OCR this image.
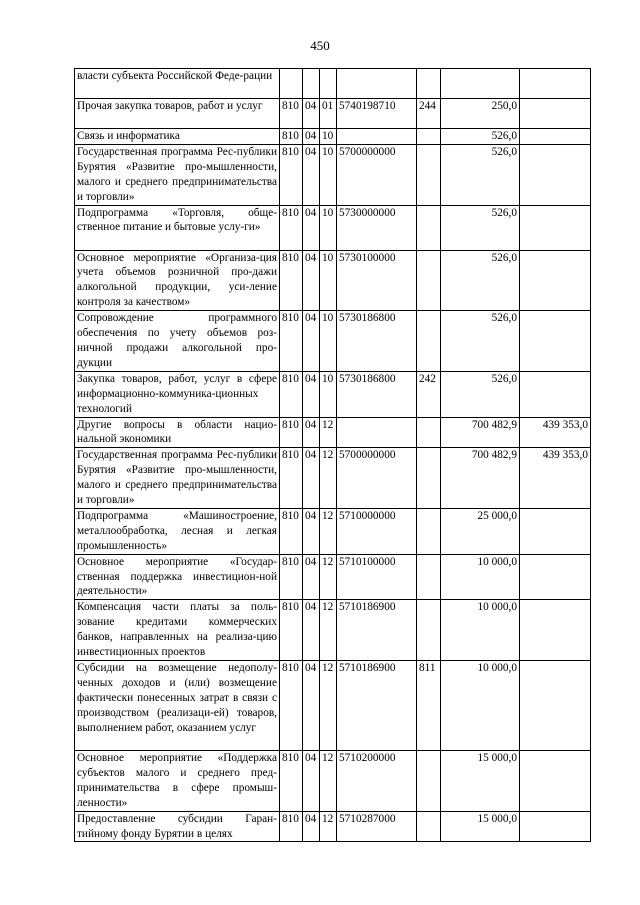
450
власти субъекта Российской Феде-рации							
Прочая закупка товаров, работ и услуг	810	04	01	5740198710	244	250,0	
Связь и информатика	810	04	10			526,0	
Государственная программа Рес-публики Бурятия «Развитие про-мышленности, малого и среднего предпринимательства и торговли»	810	04	10	5700000000		526,0	
Подпрограмма «Торговля, обще-ственное питание и бытовые услу-ги»	810	04	10	5730000000		526,0	
Основное мероприятие «Организа-ция учета объемов розничной про-дажи алкогольной продукции, уси-ление контроля за качеством»	810	04	10	5730100000		526,0	
Сопровождение программного обеспечения по учету объемов роз-ничной продажи алкогольной про-дукции	810	04	10	5730186800		526,0	
Закупка товаров, работ, услуг в сфере информационно-коммуника-ционных технологий	810	04	10	5730186800	242	526,0	
Другие вопросы в области нацио-нальной экономики	810	04	12			700 482,9	439 353,0
Государственная программа Рес-публики Бурятия «Развитие про-мышленности, малого и среднего предпринимательства и торговли»	810	04	12	5700000000		700 482,9	439 353,0
Подпрограмма «Машиностроение, металлообработка, лесная и легкая промышленность»	810	04	12	5710000000		25 000,0	
Основное мероприятие «Государ-ственная поддержка инвестицион-ной деятельности»	810	04	12	5710100000		10 000,0	
Компенсация части платы за поль-зование кредитами коммерческих банков, направленных на реализа-цию инвестиционных проектов	810	04	12	5710186900		10 000,0	
Субсидии на возмещение недополу-ченных доходов и (или) возмещение фактически понесенных затрат в связи с производством (реализаци-ей) товаров, выполнением работ, оказанием услуг	810	04	12	5710186900	811	10 000,0	
Основное мероприятие «Поддержка субъектов малого и среднего пред-принимательства в сфере промыш-ленности»	810	04	12	5710200000		15 000,0	
Предоставление субсидии Гаран-тийному фонду Бурятии в целях	810	04	12	5710287000		15 000,0	
